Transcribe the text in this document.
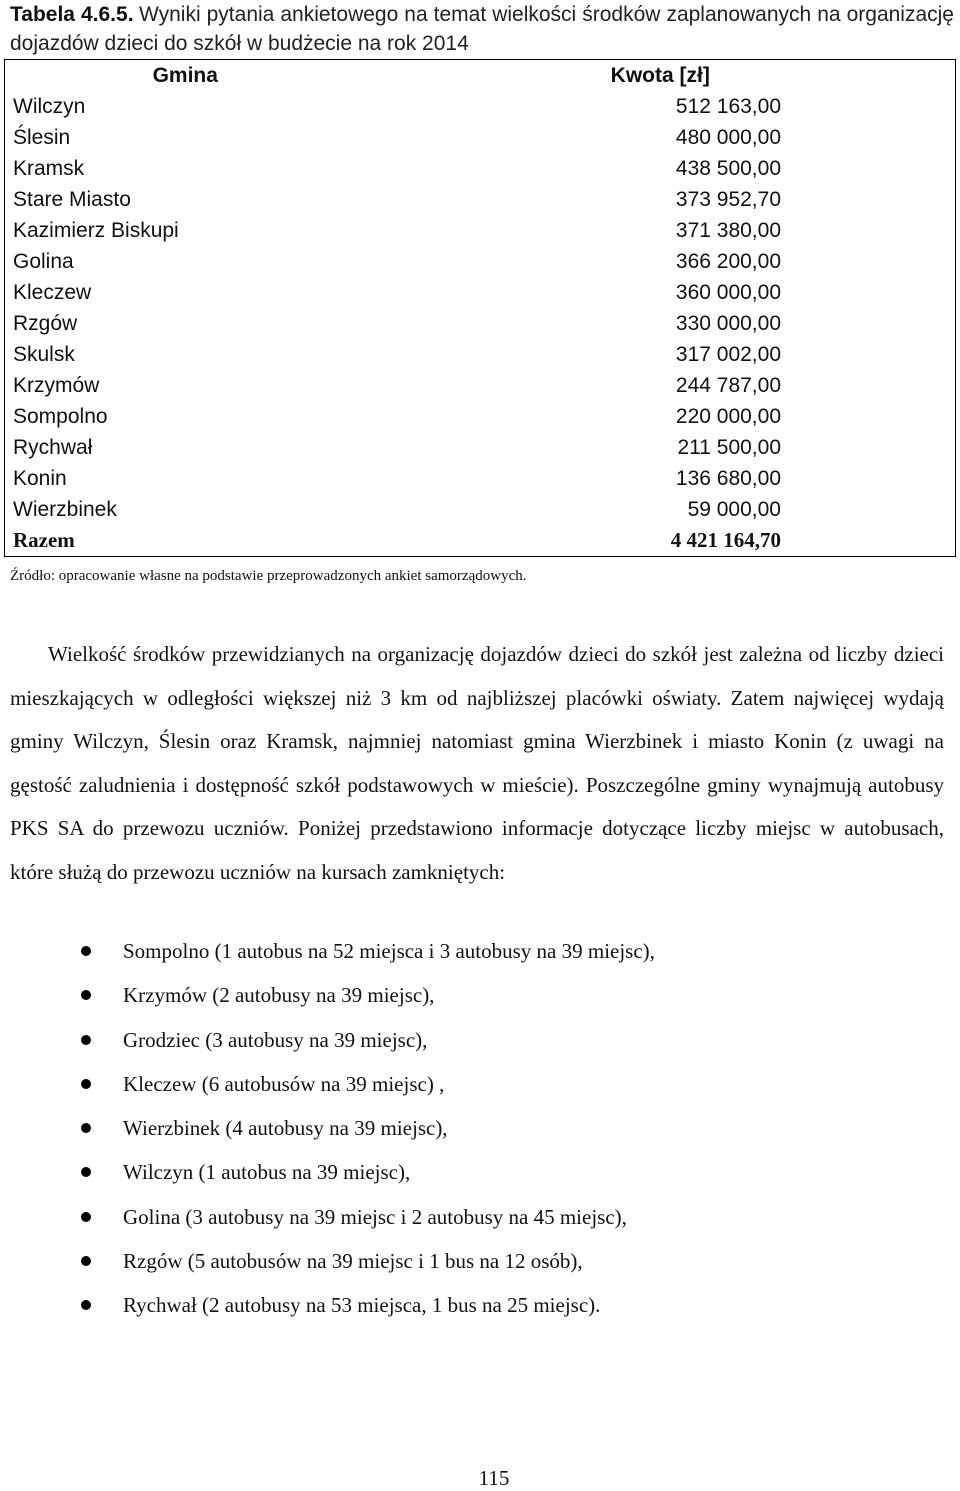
Tabela 4.6.5. Wyniki pytania ankietowego na temat wielkości środków zaplanowanych na organizację dojazdów dzieci do szkół w budżecie na rok 2014
Gmina	Kwota [zł]
Wilczyn	512 163,00
Ślesin	480 000,00
Kramsk	438 500,00
Stare Miasto	373 952,70
Kazimierz Biskupi	371 380,00
Golina	366 200,00
Kleczew	360 000,00
Rzgów	330 000,00
Skulsk	317 002,00
Krzymów	244 787,00
Sompolno	220 000,00
Rychwał	211 500,00
Konin	136 680,00
Wierzbinek	59 000,00
Razem	4 421 164,70
Źródło: opracowanie własne na podstawie przeprowadzonych ankiet samorządowych.

Wielkość środków przewidzianych na organizację dojazdów dzieci do szkół jest zależna od liczby dzieci mieszkających w odległości większej niż 3 km od najbliższej placówki oświaty. Zatem najwięcej wydają gminy Wilczyn, Ślesin oraz Kramsk, najmniej natomiast gmina Wierzbinek i miasto Konin (z uwagi na gęstość zaludnienia i dostępność szkół podstawowych w mieście). Poszczególne gminy wynajmują autobusy PKS SA do przewozu uczniów. Poniżej przedstawiono informacje dotyczące liczby miejsc w autobusach, które służą do przewozu uczniów na kursach zamkniętych:

Sompolno (1 autobus na 52 miejsca i 3 autobusy na 39 miejsc),
Krzymów (2 autobusy na 39 miejsc),
Grodziec (3 autobusy na 39 miejsc),
Kleczew (6 autobusów na 39 miejsc) ,
Wierzbinek (4 autobusy na 39 miejsc),
Wilczyn (1 autobus na 39 miejsc),
Golina (3 autobusy na 39 miejsc i 2 autobusy na 45 miejsc),
Rzgów (5 autobusów na 39 miejsc i 1 bus na 12 osób),
Rychwał (2 autobusy na 53 miejsca, 1 bus na 25 miejsc).
115
